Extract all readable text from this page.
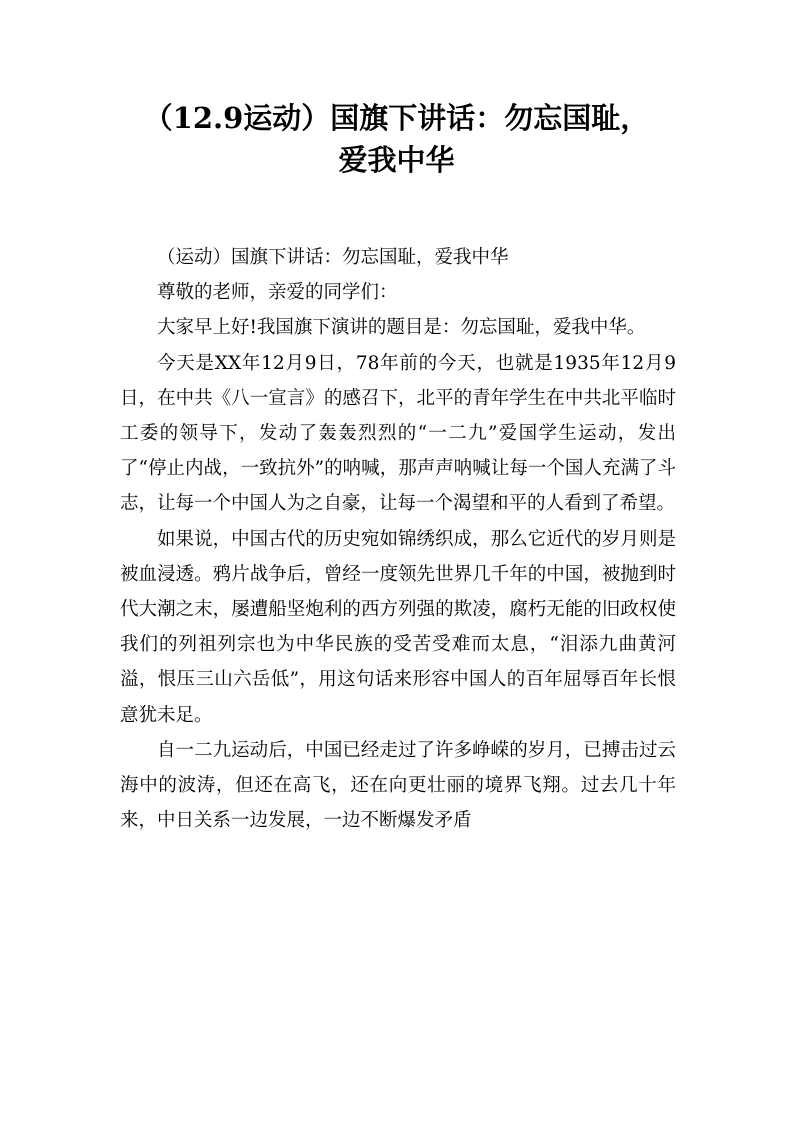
（12.9运动）国旗下讲话：勿忘国耻，
爱我中华

（运动）国旗下讲话：勿忘国耻，爱我中华

尊敬的老师，亲爱的同学们：

大家早上好!我国旗下演讲的题目是：勿忘国耻，爱我中华。

今天是XX年12月9日，78年前的今天，也就是1935年12月9日，在中共《八一宣言》的感召下，北平的青年学生在中共北平临时工委的领导下，发动了轰轰烈烈的“一二九”爱国学生运动，发出了“停止内战，一致抗外”的呐喊，那声声呐喊让每一个国人充满了斗志，让每一个中国人为之自豪，让每一个渴望和平的人看到了希望。

如果说，中国古代的历史宛如锦绣织成，那么它近代的岁月则是被血浸透。鸦片战争后，曾经一度领先世界几千年的中国，被抛到时代大潮之末，屡遭船坚炮利的西方列强的欺凌，腐朽无能的旧政权使我们的列祖列宗也为中华民族的受苦受难而太息，“泪添九曲黄河溢，恨压三山六岳低”，用这句话来形容中国人的百年屈辱百年长恨意犹未足。

自一二九运动后，中国已经走过了许多峥嵘的岁月，已搏击过云海中的波涛，但还在高飞，还在向更壮丽的境界飞翔。过去几十年来，中日关系一边发展，一边不断爆发矛盾
